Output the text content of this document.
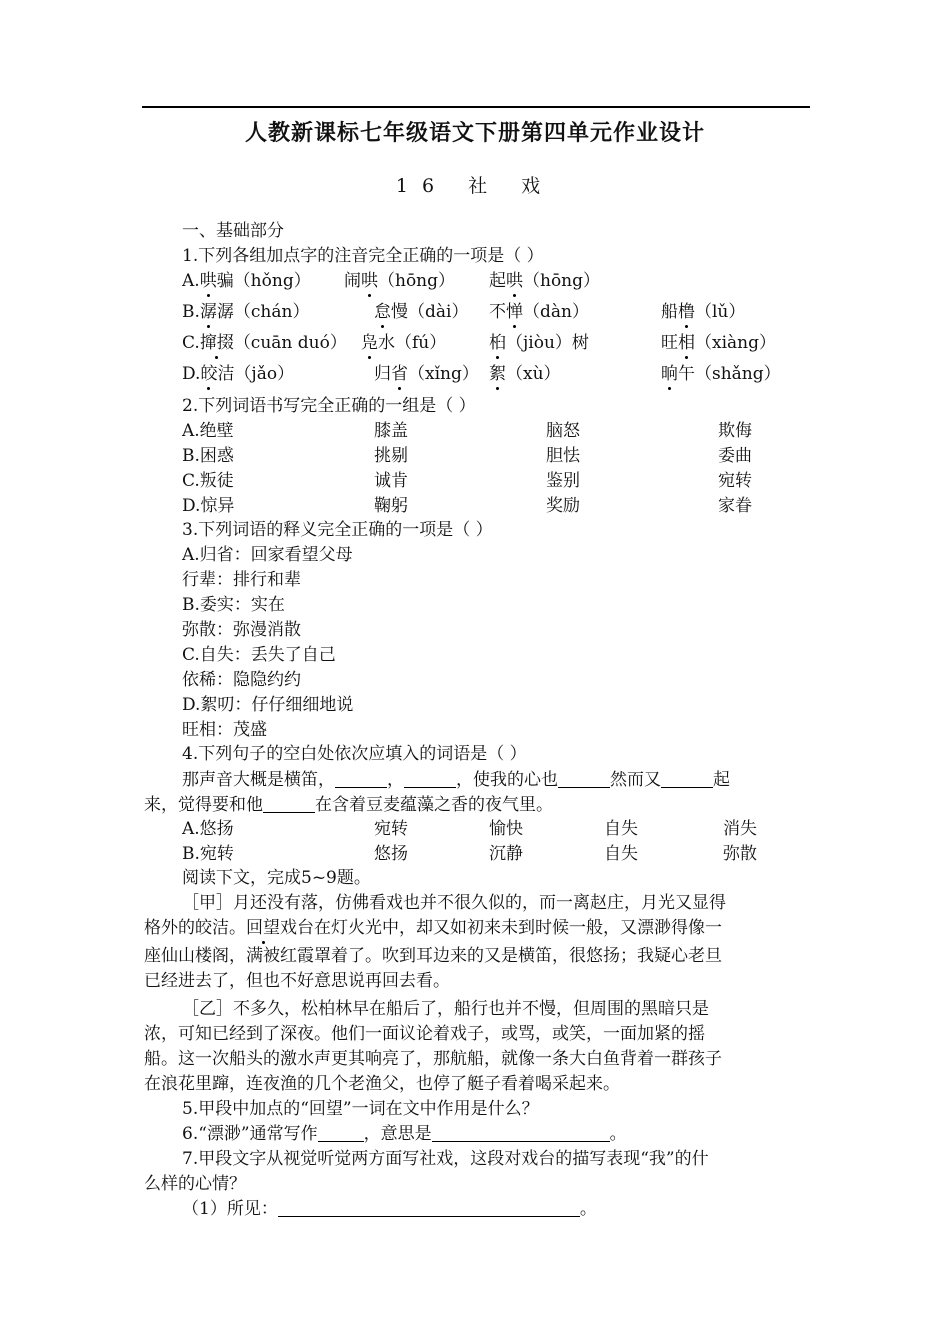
人教新课标七年级语文下册第四单元作业设计
16 社 戏
一、基础部分
1.下列各组加点字的注音完全正确的一项是（ ）
A.哄骗（hǒng） 闹哄（hōng） 起哄（hōng）
B.潺潺（chán）	怠慢（dài） 不惮（dàn）	船橹（lǔ）
C.撺掇（cuān duó） 凫水（fú）	桕（jiòu）树	旺相（xiàng）
D.皎洁（jǎo）	归省（xǐng） 絮（xù）	晌午（shǎng）
2.下列词语书写完全正确的一组是（ ）
A.绝壁	膝盖	脑怒	欺侮
B.困惑	挑剔	胆怯	委曲
C.叛徒	诚肯	鉴别	宛转
D.惊异	鞠躬	奖励	家眷
3.下列词语的释义完全正确的一项是（ ）
A.归省：回家看望父母
行辈：排行和辈
B.委实：实在
弥散：弥漫消散
C.自失：丢失了自己
依稀：隐隐约约
D.絮叨：仔仔细细地说
旺相：茂盛
4.下列句子的空白处依次应填入的词语是（ ）
那声音大概是横笛，	，	，使我的心也	然而又	起
来，觉得要和他	在含着豆麦蕴藻之香的夜气里。
A.悠扬	宛转	愉快	自失	消失
B.宛转	悠扬	沉静	自失	弥散
阅读下文，完成5~9题。
［甲］月还没有落，仿佛看戏也并不很久似的，而一离赵庄，月光又显得
格外的皎洁。回望戏台在灯火光中，却又如初来未到时候一般，又漂渺得像一
座仙山楼阁，满被红霞罩着了。吹到耳边来的又是横笛，很悠扬；我疑心老旦
已经进去了，但也不好意思说再回去看。
［乙］不多久，松柏林早在船后了，船行也并不慢，但周围的黑暗只是
浓，可知已经到了深夜。他们一面议论着戏子，或骂，或笑，一面加紧的摇
船。这一次船头的激水声更其响亮了，那航船，就像一条大白鱼背着一群孩子
在浪花里蹿，连夜渔的几个老渔父，也停了艇子看着喝采起来。
5.甲段中加点的“回望”一词在文中作用是什么？
6.“漂渺”通常写作	，意思是	。
7.甲段文字从视觉听觉两方面写社戏，这段对戏台的描写表现“我”的什
么样的心情？
（1）所见：	。
